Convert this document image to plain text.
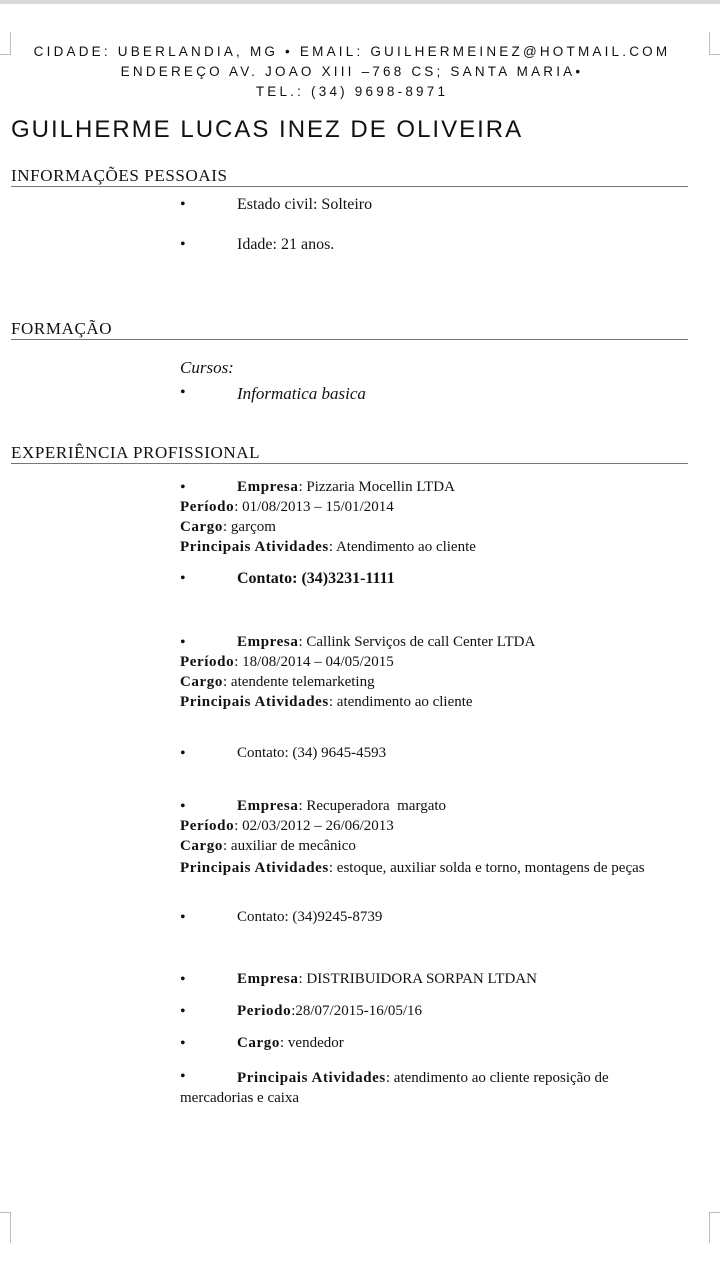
CIDADE: UBERLANDIA, MG • EMAIL: GUILHERMEINEZ@HOTMAIL.COM
ENDEREÇO AV. JOAO XIII –768 CS; SANTA MARIA•
TEL.: (34) 9698-8971
GUILHERME LUCAS INEZ DE OLIVEIRA
INFORMAÇÕES PESSOAIS
•	Estado civil: Solteiro
•	Idade: 21 anos.
FORMAÇÃO
Cursos:
•	Informatica basica
EXPERIÊNCIA PROFISSIONAL
•	Empresa: Pizzaria Mocellin LTDA
Período: 01/08/2013 – 15/01/2014
Cargo: garçom
Principais Atividades: Atendimento ao cliente
•	Contato: (34)3231-1111
•	Empresa: Callink Serviços de call Center LTDA
Período: 18/08/2014 – 04/05/2015
Cargo: atendente telemarketing
Principais Atividades: atendimento ao cliente
•	Contato: (34) 9645-4593
•	Empresa: Recuperadora  margato
Período: 02/03/2012 – 26/06/2013
Cargo: auxiliar de mecânico
Principais Atividades: estoque, auxiliar solda e torno, montagens de peças
•	Contato: (34)9245-8739
•	Empresa: DISTRIBUIDORA SORPAN LTDAN
•	Periodo:28/07/2015-16/05/16
•	Cargo: vendedor
•	Principais Atividades: atendimento ao cliente reposição de mercadorias e caixa
